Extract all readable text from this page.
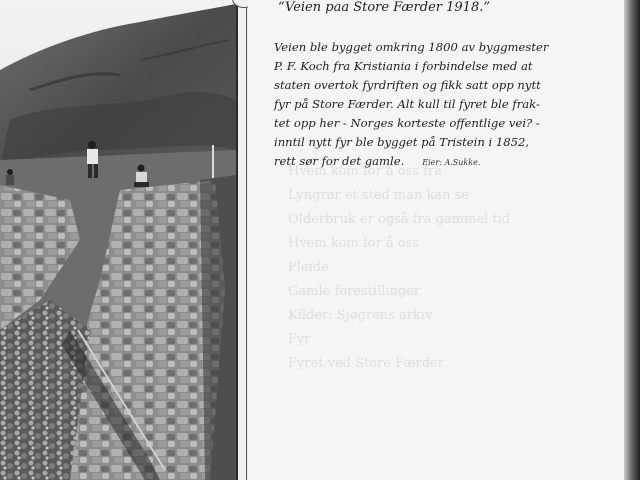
Hvem kom for å oss fra
Lyngrør et sted man kan se
Olderbruk er også fra gammel tid
Hvem kom for å oss
Pleide
Gamle forestillinger
Kilder: Sjøgrens arkiv
Fyr
Fyret ved Store Færder
“Veien paa Store Færder 1918.”
Veien ble bygget omkring 1800 av byggmester
P. F. Koch fra Kristiania i forbindelse med at
staten overtok fyrdriften og fikk satt opp nytt
fyr på Store Færder. Alt kull til fyret ble frak-
tet opp her - Norges korteste offentlige vei? -
inntil nytt fyr ble bygget på Tristein i 1852,
rett sør for det gamle. Eier: A.Sukke.
